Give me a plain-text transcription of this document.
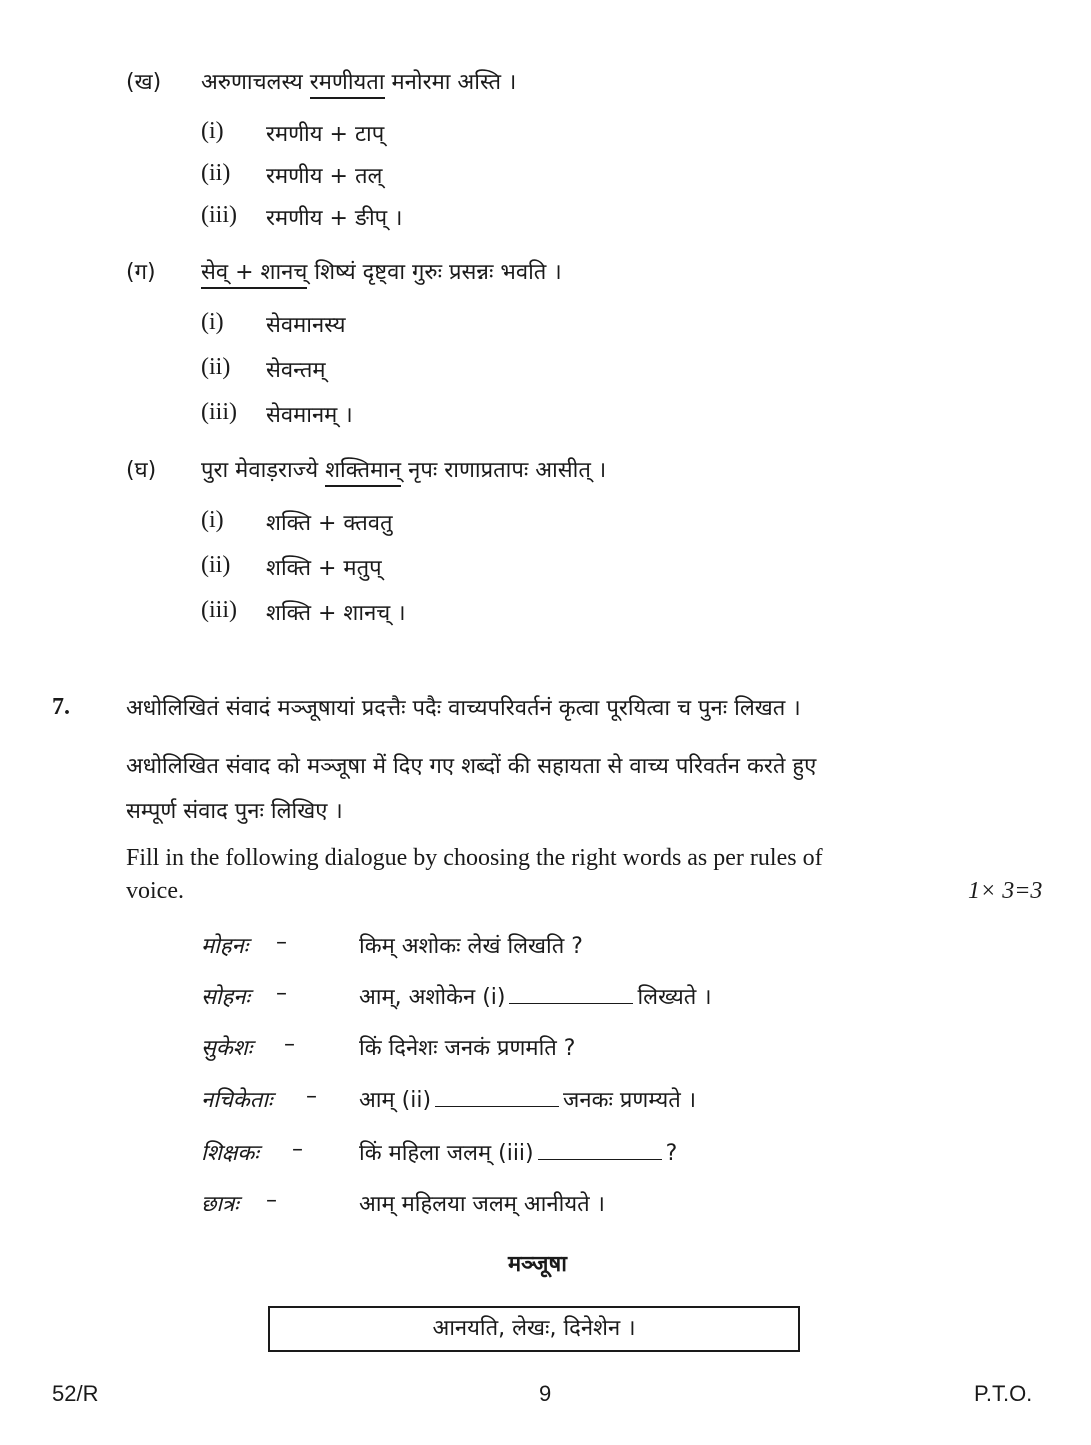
(ख) अरुणाचलस्य रमणीयता मनोरमा अस्ति ।
(i) रमणीय + टाप्
(ii) रमणीय + तल्
(iii) रमणीय + ङीप् ।
(ग) सेव् + शानच् शिष्यं दृष्ट्वा गुरुः प्रसन्नः भवति ।
(i) सेवमानस्य
(ii) सेवन्तम्
(iii) सेवमानम् ।
(घ) पुरा मेवाड़राज्ये शक्तिमान् नृपः राणाप्रतापः आसीत् ।
(i) शक्ति + क्तवतु
(ii) शक्ति + मतुप्
(iii) शक्ति + शानच् ।
7.	अधोलिखितं संवादं मञ्जूषायां प्रदत्तैः पदैः वाच्यपरिवर्तनं कृत्वा पूरयित्वा च पुनः लिखत ।
अधोलिखित संवाद को मञ्जूषा में दिए गए शब्दों की सहायता से वाच्य परिवर्तन करते हुए
सम्पूर्ण संवाद पुनः लिखिए ।
Fill in the following dialogue by choosing the right words as per rules of
voice.	1× 3=3
मोहनः –	किम् अशोकः लेखं लिखति ?
सोहनः –	आम्, अशोकेन (i)	लिख्यते ।
सुकेशः –	किं दिनेशः जनकं प्रणमति ?
नचिकेताः – आम् (ii)	जनकः प्रणम्यते ।
शिक्षकः –	किं महिला जलम् (iii)	?
छात्रः –	आम् महिलया जलम् आनीयते ।
मञ्जूषा
आनयति, लेखः, दिनेशेन ।
52/R	9	P.T.O.
